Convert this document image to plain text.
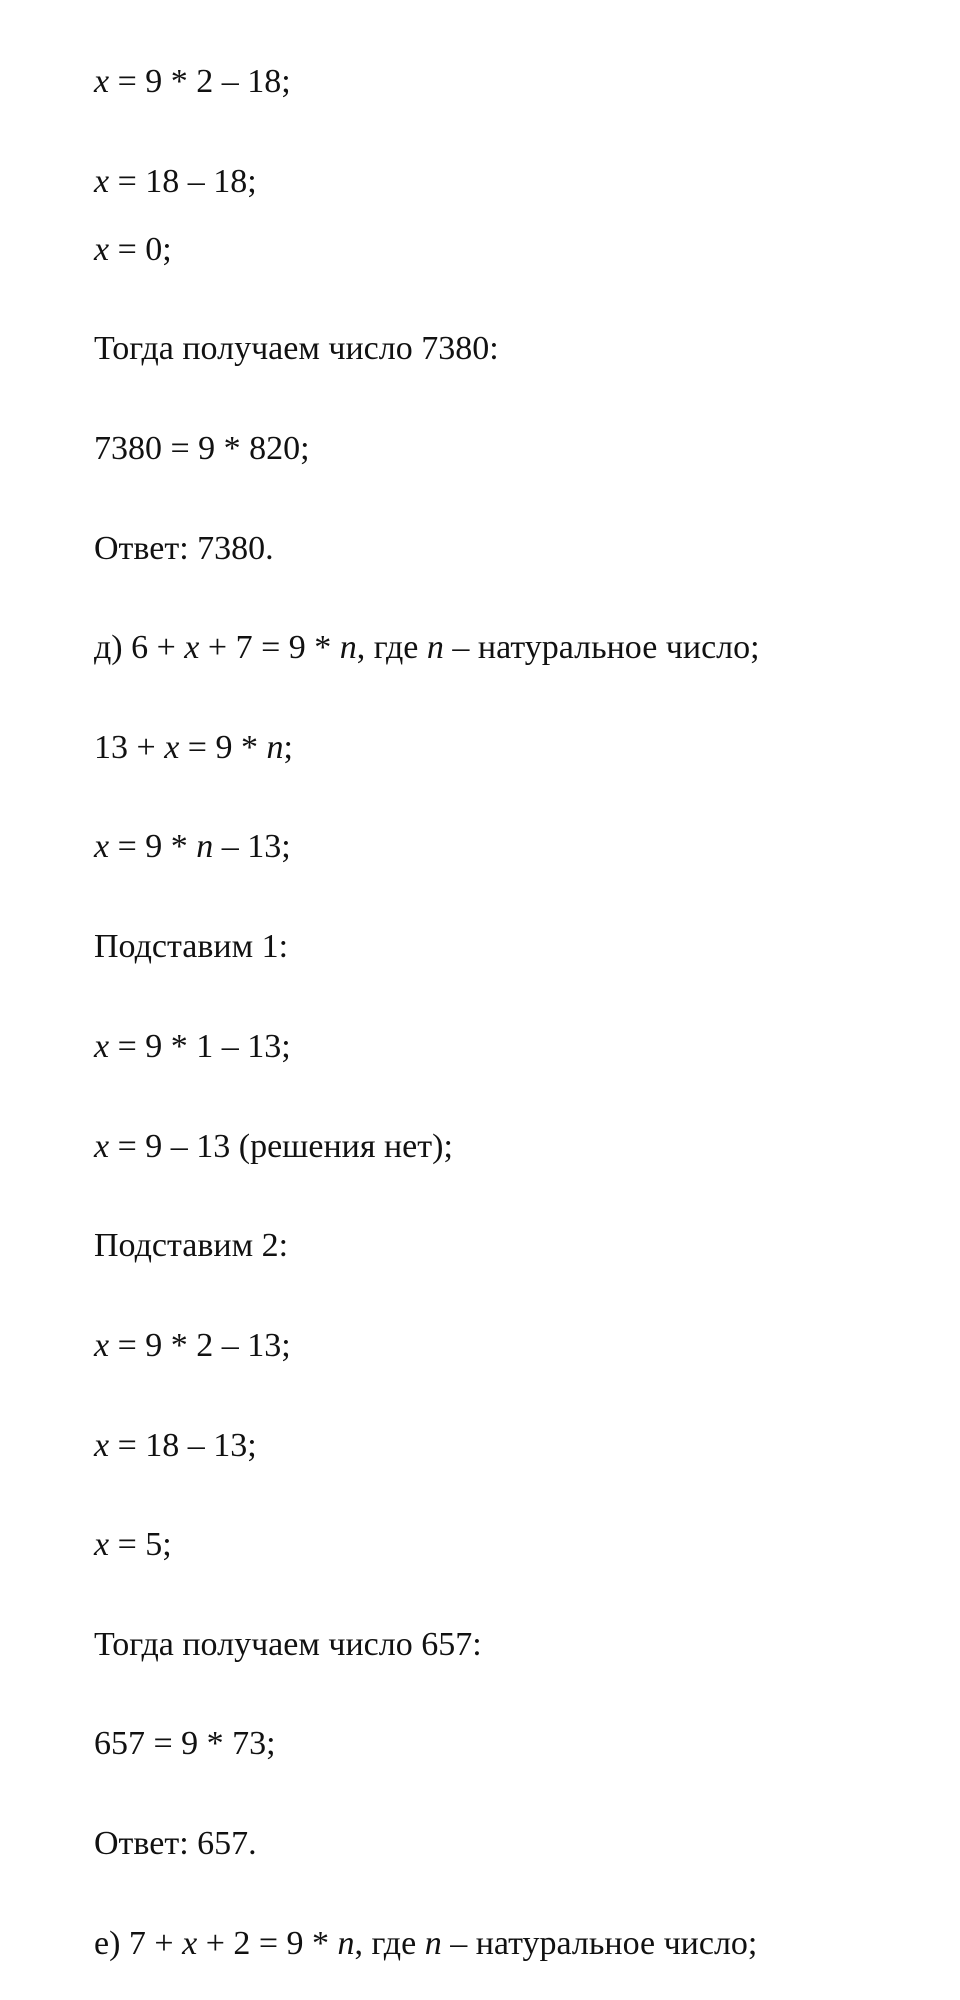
x = 9 * 2 – 18;
x = 18 – 18;
x = 0;
Тогда получаем число 7380:
7380 = 9 * 820;
Ответ: 7380.
д) 6 + x + 7 = 9 * n, где n – натуральное число;
13 + x = 9 * n;
x = 9 * n – 13;
Подставим 1:
x = 9 * 1 – 13;
x = 9 – 13 (решения нет);
Подставим 2:
x = 9 * 2 – 13;
x = 18 – 13;
x = 5;
Тогда получаем число 657:
657 = 9 * 73;
Ответ: 657.
е) 7 + x + 2 = 9 * n, где n – натуральное число;
